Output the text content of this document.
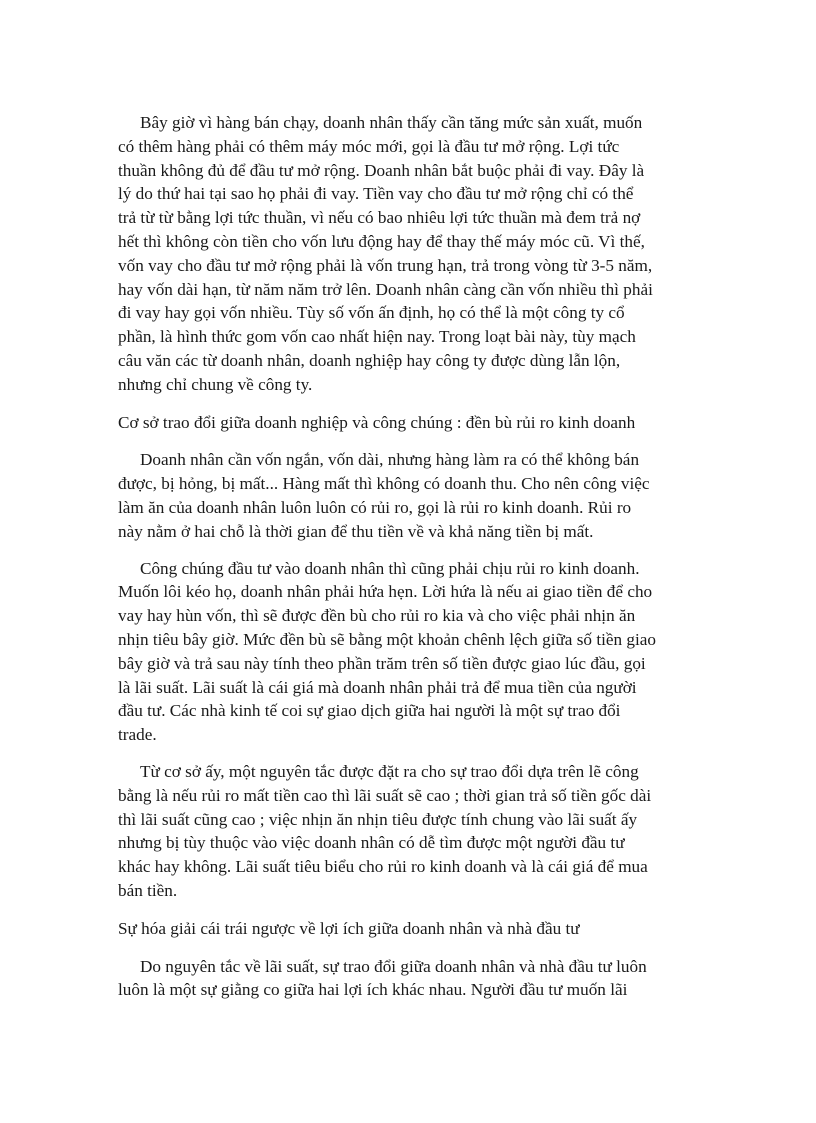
Bây giờ vì hàng bán chạy, doanh nhân thấy cần tăng mức sản xuất, muốn
có thêm hàng phải có thêm máy móc mới, gọi là đầu tư mở rộng. Lợi tức
thuần không đủ để đầu tư mở rộng. Doanh nhân bắt buộc phải đi vay. Đây là
lý do thứ hai tại sao họ phải đi vay. Tiền vay cho đầu tư mở rộng chỉ có thể
trả từ từ bằng lợi tức thuần, vì nếu có bao nhiêu lợi tức thuần mà đem trả nợ
hết thì không còn tiền cho vốn lưu động hay để thay thế máy móc cũ. Vì thế,
vốn vay cho đầu tư mở rộng phải là vốn trung hạn, trả trong vòng từ 3-5 năm,
hay vốn dài hạn, từ năm năm trở lên. Doanh nhân càng cần vốn nhiều thì phải
đi vay hay gọi vốn nhiều. Tùy số vốn ấn định, họ có thể là một công ty cổ
phần, là hình thức gom vốn cao nhất hiện nay. Trong loạt bài này, tùy mạch
câu văn các từ doanh nhân, doanh nghiệp hay công ty được dùng lẫn lộn,
nhưng chỉ chung về công ty.

Cơ sở trao đổi giữa doanh nghiệp và công chúng : đền bù rủi ro kinh doanh

Doanh nhân cần vốn ngắn, vốn dài, nhưng hàng làm ra có thể không bán
được, bị hỏng, bị mất... Hàng mất thì không có doanh thu. Cho nên công việc
làm ăn của doanh nhân luôn luôn có rủi ro, gọi là rủi ro kinh doanh. Rủi ro
này nằm ở hai chỗ là thời gian để thu tiền về và khả năng tiền bị mất.

Công chúng đầu tư vào doanh nhân thì cũng phải chịu rủi ro kinh doanh.
Muốn lôi kéo họ, doanh nhân phải hứa hẹn. Lời hứa là nếu ai giao tiền để cho
vay hay hùn vốn, thì sẽ được đền bù cho rủi ro kia và cho việc phải nhịn ăn
nhịn tiêu bây giờ. Mức đền bù sẽ bằng một khoản chênh lệch giữa số tiền giao
bây giờ và trả sau này tính theo phần trăm trên số tiền được giao lúc đầu, gọi
là lãi suất. Lãi suất là cái giá mà doanh nhân phải trả để mua tiền của người
đầu tư. Các nhà kinh tế coi sự giao dịch giữa hai người là một sự trao đổi
trade.

Từ cơ sở ấy, một nguyên tắc được đặt ra cho sự trao đổi dựa trên lẽ công
bằng là nếu rủi ro mất tiền cao thì lãi suất sẽ cao ; thời gian trả số tiền gốc dài
thì lãi suất cũng cao ; việc nhịn ăn nhịn tiêu được tính chung vào lãi suất ấy
nhưng bị tùy thuộc vào việc doanh nhân có dễ tìm được một người đầu tư
khác hay không. Lãi suất tiêu biểu cho rủi ro kinh doanh và là cái giá để mua
bán tiền.

Sự hóa giải cái trái ngược về lợi ích giữa doanh nhân và nhà đầu tư

Do nguyên tắc về lãi suất, sự trao đổi giữa doanh nhân và nhà đầu tư luôn
luôn là một sự giằng co giữa hai lợi ích khác nhau. Người đầu tư muốn lãi
